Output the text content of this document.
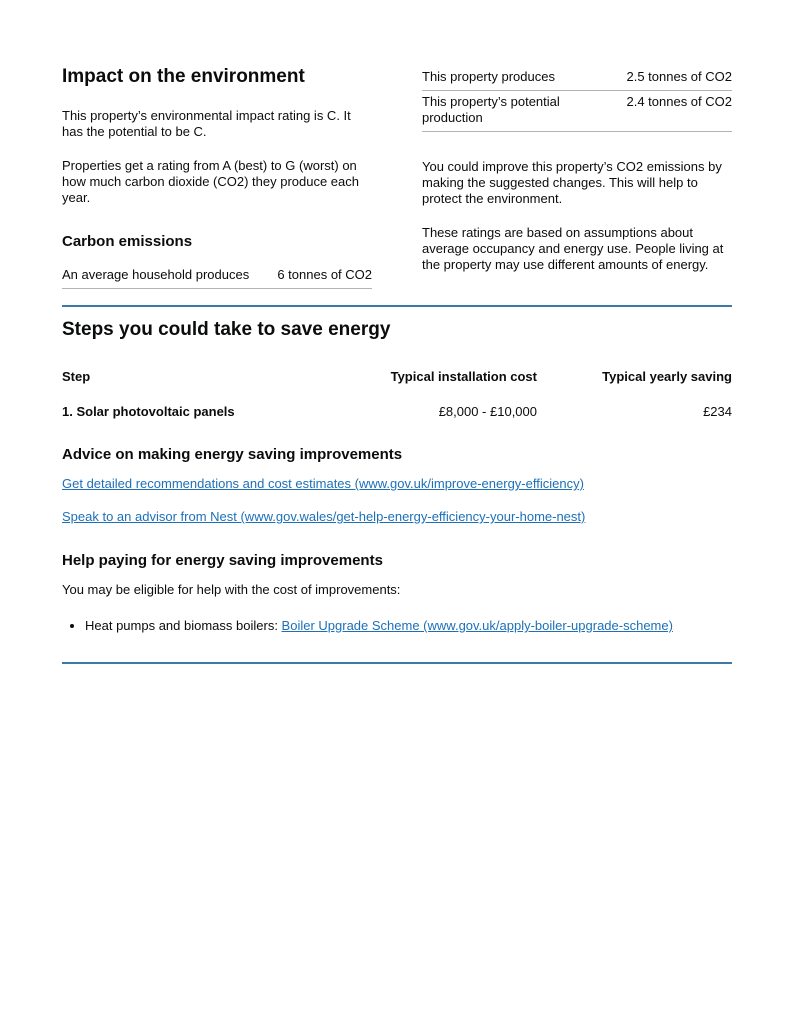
Impact on the environment

This property’s environmental impact rating is C. It has the potential to be C.

Properties get a rating from A (best) to G (worst) on how much carbon dioxide (CO2) they produce each year.

Carbon emissions
An average household produces 6 tonnes of CO2
This property produces	2.5 tonnes of CO2
This property’s potential production
2.4 tonnes of CO2

You could improve this property’s CO2 emissions by making the suggested changes. This will help to protect the environment.

These ratings are based on assumptions about average occupancy and energy use. People living at the property may use different amounts of energy.

Steps you could take to save energy
Step	Typical installation cost	Typical yearly saving
1. Solar photovoltaic panels	£8,000 - £10,000	£234
Advice on making energy saving improvements

Get detailed recommendations and cost estimates (www.gov.uk/improve-energy-efficiency)

Speak to an advisor from Nest (www.gov.wales/get-help-energy-efficiency-your-home-nest)

Help paying for energy saving improvements

You may be eligible for help with the cost of improvements:

• Heat pumps and biomass boilers: Boiler Upgrade Scheme (www.gov.uk/apply-boiler-upgrade-scheme)
